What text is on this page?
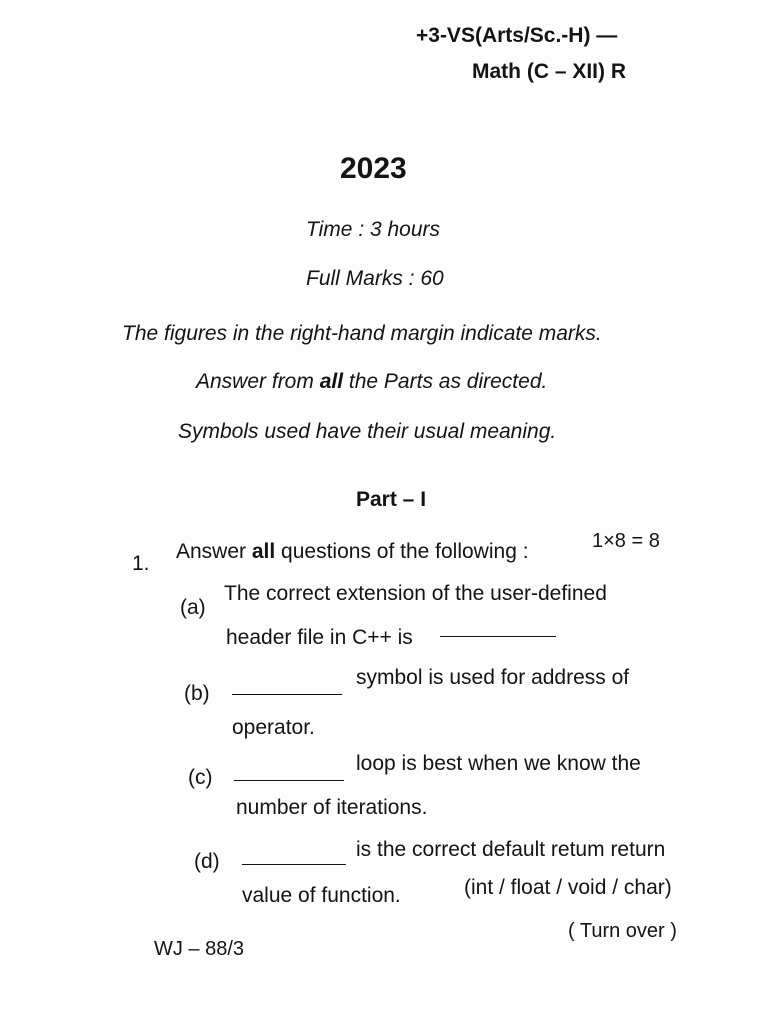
+3-VS(Arts/Sc.-H) —
Math (C – XII) R
2023
Time : 3 hours
Full Marks : 60
The figures in the right-hand margin indicate marks.
Answer from all the Parts as directed.
Symbols used have their usual meaning.
Part – I
1.
Answer all questions of the following :	1×8 = 8
(a)
The correct extension of the user-defined
header file in C++ is
(b)
symbol is used for address of
operator.
(c)
loop is best when we know the
number of iterations.
(d)
is the correct default retum return
value of function.	(int / float / void / char)
WJ – 88/3
( Turn over )
